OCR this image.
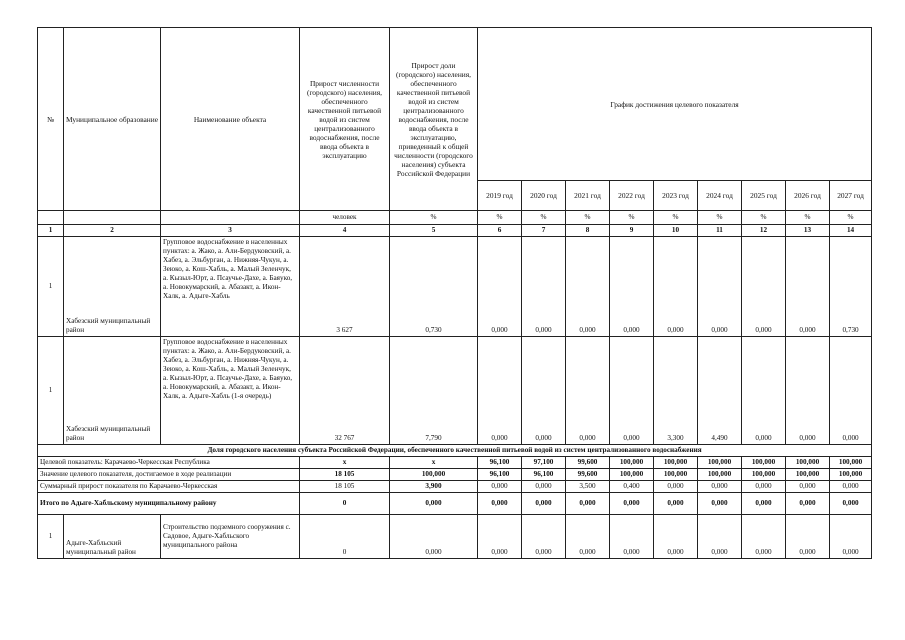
№	Муниципальное образование	Наименование объекта	Прирост численности (городского) населения, обеспеченного качественной питьевой водой из систем централизованного водоснабжения, после ввода объекта в эксплуатацию	Прирост доли (городского) населения, обеспеченного качественной питьевой водой из систем централизованного водоснабжения, после ввода объекта в эксплуатацию, приведенный к общей численности (городского населения) субъекта Российской Федерации	График достижения целевого показателя								
					2019 год	2020 год	2021 год	2022 год	2023 год	2024 год	2025 год	2026 год	2027 год
			человек	%	%	%	%	%	%	%	%	%	%
1	2	3	4	5	6	7	8	9	10	11	12	13	14
1	Хабезский муниципальный район	Групповое водоснабжение в населенных пунктах: а. Жако, а. Али-Бердуковский, а. Хабез, а. Эльбурган, а. Нижняя-Чукун, а. Зеюко, а. Кош-Хабль, а. Малый Зеленчук, а. Кызыл-Юрт, а. Псаучье-Дахе, а. Баяуко, а. Новокумарский, а. Абазакт, а. Икон-Халк, а. Адыге-Хабль	3 627	0,730	0,000	0,000	0,000	0,000	0,000	0,000	0,000	0,000	0,730
1	Хабезский муниципальный район	Групповое водоснабжение в населенных пунктах: а. Жако, а. Али-Бердуковский, а. Хабез, а. Эльбурган, а. Нижняя-Чукун, а. Зеюко, а. Кош-Хабль, а. Малый Зеленчук, а. Кызыл-Юрт, а. Псаучье-Дахе, а. Баяуко, а. Новокумарский, а. Абазакт, а. Икон-Халк, а. Адыге-Хабль (1-я очередь)	32 767	7,790	0,000	0,000	0,000	0,000	3,300	4,490	0,000	0,000	0,000
Доля городского населения субъекта Российской Федерации, обеспеченного качественной питьевой водой из систем централизованного водоснабжения													
Целевой показатель: Карачаево-Черкесская Республика			х	х	96,100	97,100	99,600	100,000	100,000	100,000	100,000	100,000	100,000
Значение целевого показателя, достигаемое в ходе реализации			18 105	100,000	96,100	96,100	99,600	100,000	100,000	100,000	100,000	100,000	100,000
Суммарный прирост показателя по Карачаево-Черкесская			18 105	3,900	0,000	0,000	3,500	0,400	0,000	0,000	0,000	0,000	0,000
Итого по Адыге-Хабльскому муниципальному району			0	0,000	0,000	0,000	0,000	0,000	0,000	0,000	0,000	0,000	0,000
1	Адыге-Хабльский муниципальный район	Строительство подземного сооружения с. Садовое, Адыге-Хабльского муниципального района	0	0,000	0,000	0,000	0,000	0,000	0,000	0,000	0,000	0,000	0,000
